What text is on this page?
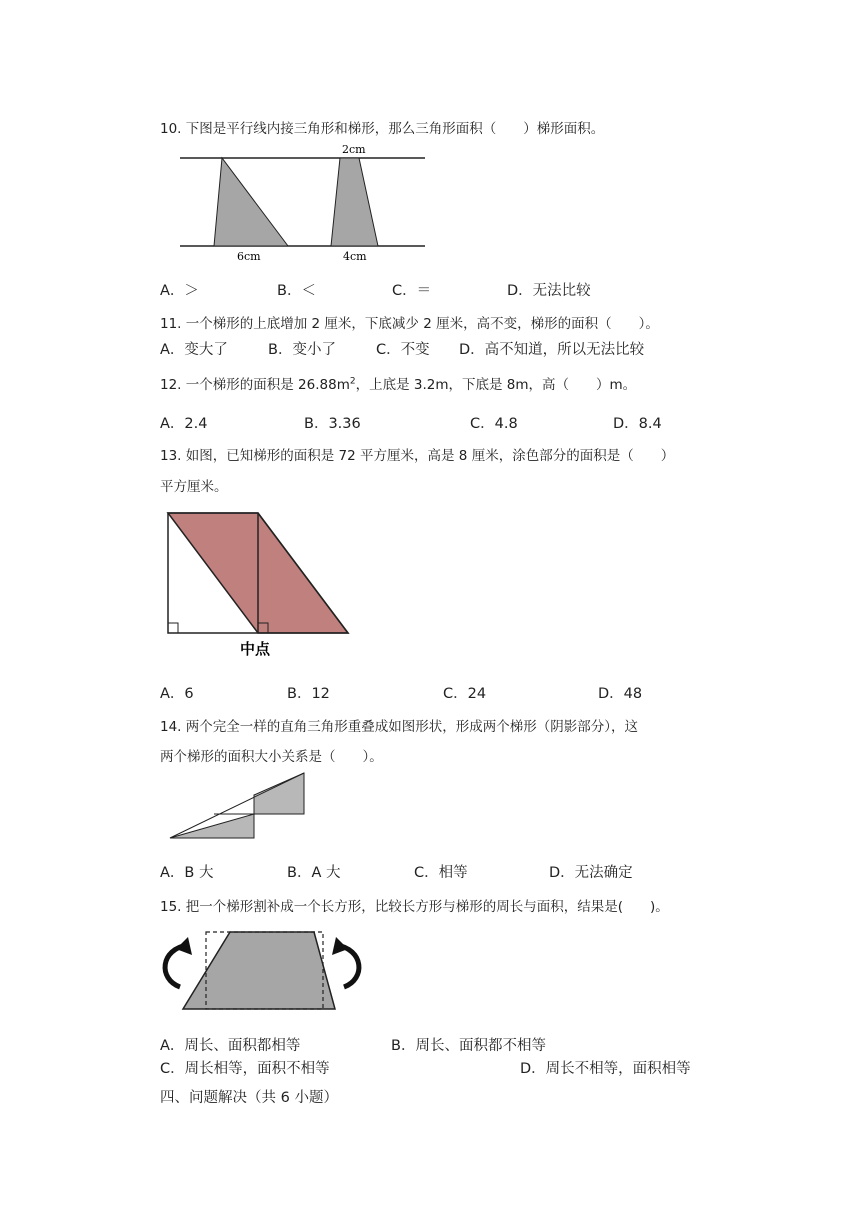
10. 下图是平行线内接三角形和梯形，那么三角形面积（　　）梯形面积。
2cm
6cm	4cm
A．＞	B．＜	C．＝	D．无法比较
11. 一个梯形的上底增加 2 厘米，下底减少 2 厘米，高不变，梯形的面积（　　）。
A．变大了	B．变小了	C．不变 D．高不知道，所以无法比较
12. 一个梯形的面积是 $26.88m^2$，上底是 3.2m，下底是 8m，高（　　）m。
A．2.4	B．3.36	C．4.8	D．8.4
13. 如图，已知梯形的面积是 72 平方厘米，高是 8 厘米，涂色部分的面积是（　　）
平方厘米。
中点
A．6	B．12	C．24	D．48
14. 两个完全一样的直角三角形重叠成如图形状，形成两个梯形（阴影部分），这
两个梯形的面积大小关系是（　　）。
A．B 大	B．A 大	C．相等	D．无法确定
15. 把一个梯形割补成一个长方形，比较长方形与梯形的周长与面积，结果是(　　)。
A．周长、面积都相等	B．周长、面积都不相等
C．周长相等，面积不相等	D．周长不相等，面积相等
四、问题解决（共 6 小题）
